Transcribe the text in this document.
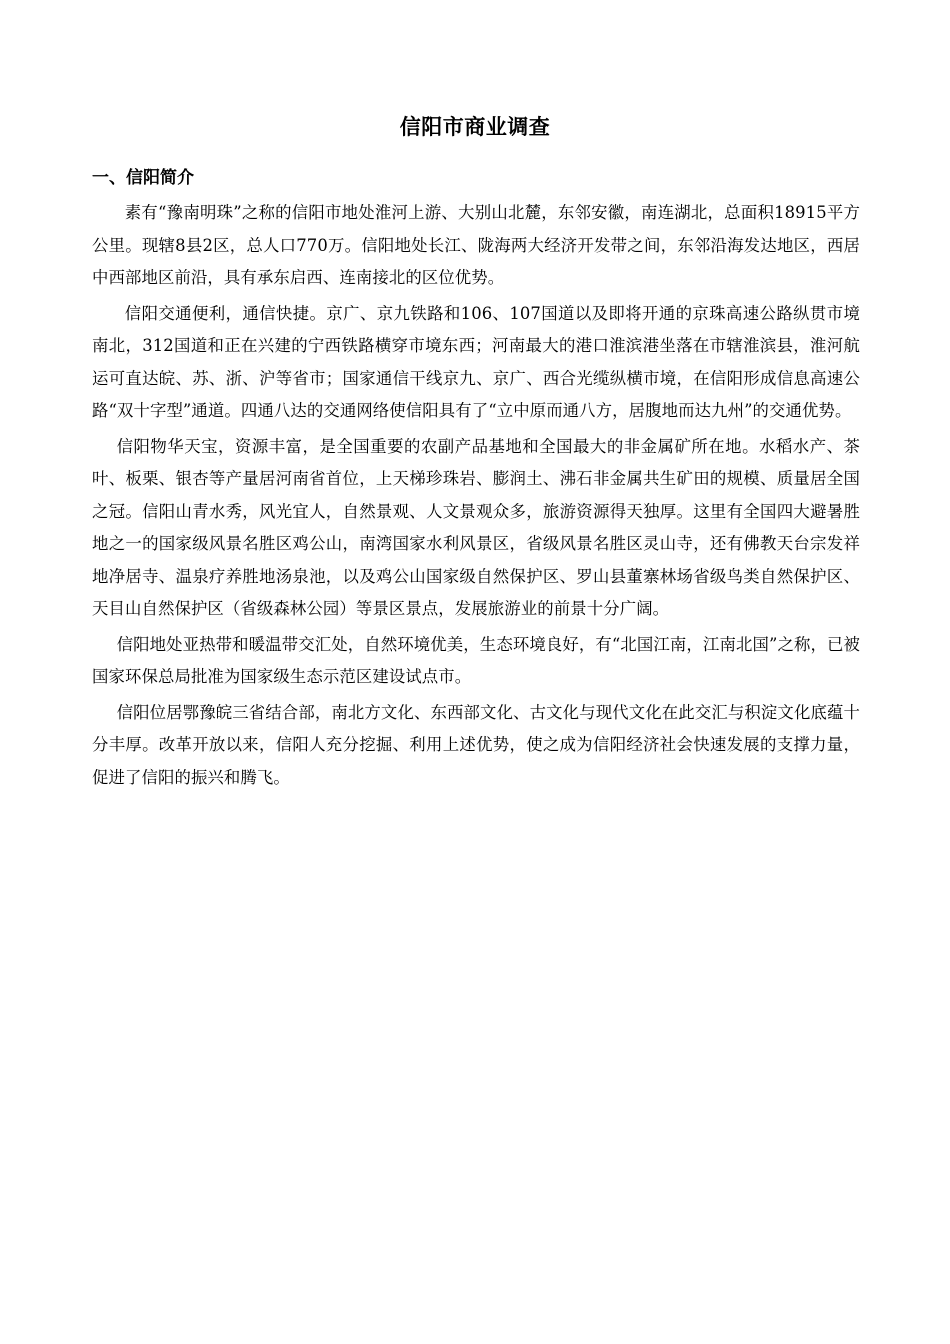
信阳市商业调查
一、信阳简介

素有“豫南明珠”之称的信阳市地处淮河上游、大别山北麓，东邻安徽，南连湖北，总面积18915平方公里。现辖8县2区，总人口770万。信阳地处长江、陇海两大经济开发带之间，东邻沿海发达地区，西居中西部地区前沿，具有承东启西、连南接北的区位优势。

信阳交通便利，通信快捷。京广、京九铁路和106、107国道以及即将开通的京珠高速公路纵贯市境南北，312国道和正在兴建的宁西铁路横穿市境东西；河南最大的港口淮滨港坐落在市辖淮滨县，淮河航运可直达皖、苏、浙、沪等省市；国家通信干线京九、京广、西合光缆纵横市境，在信阳形成信息高速公路“双十字型”通道。四通八达的交通网络使信阳具有了“立中原而通八方，居腹地而达九州”的交通优势。

信阳物华天宝，资源丰富，是全国重要的农副产品基地和全国最大的非金属矿所在地。水稻水产、茶叶、板栗、银杏等产量居河南省首位，上天梯珍珠岩、膨润土、沸石非金属共生矿田的规模、质量居全国之冠。信阳山青水秀，风光宜人，自然景观、人文景观众多，旅游资源得天独厚。这里有全国四大避暑胜地之一的国家级风景名胜区鸡公山，南湾国家水利风景区，省级风景名胜区灵山寺，还有佛教天台宗发祥地净居寺、温泉疗养胜地汤泉池，以及鸡公山国家级自然保护区、罗山县董寨林场省级鸟类自然保护区、天目山自然保护区（省级森林公园）等景区景点，发展旅游业的前景十分广阔。

信阳地处亚热带和暖温带交汇处，自然环境优美，生态环境良好，有“北国江南，江南北国”之称，已被国家环保总局批准为国家级生态示范区建设试点市。

信阳位居鄂豫皖三省结合部，南北方文化、东西部文化、古文化与现代文化在此交汇与积淀文化底蕴十分丰厚。改革开放以来，信阳人充分挖掘、利用上述优势，使之成为信阳经济社会快速发展的支撑力量，促进了信阳的振兴和腾飞。
